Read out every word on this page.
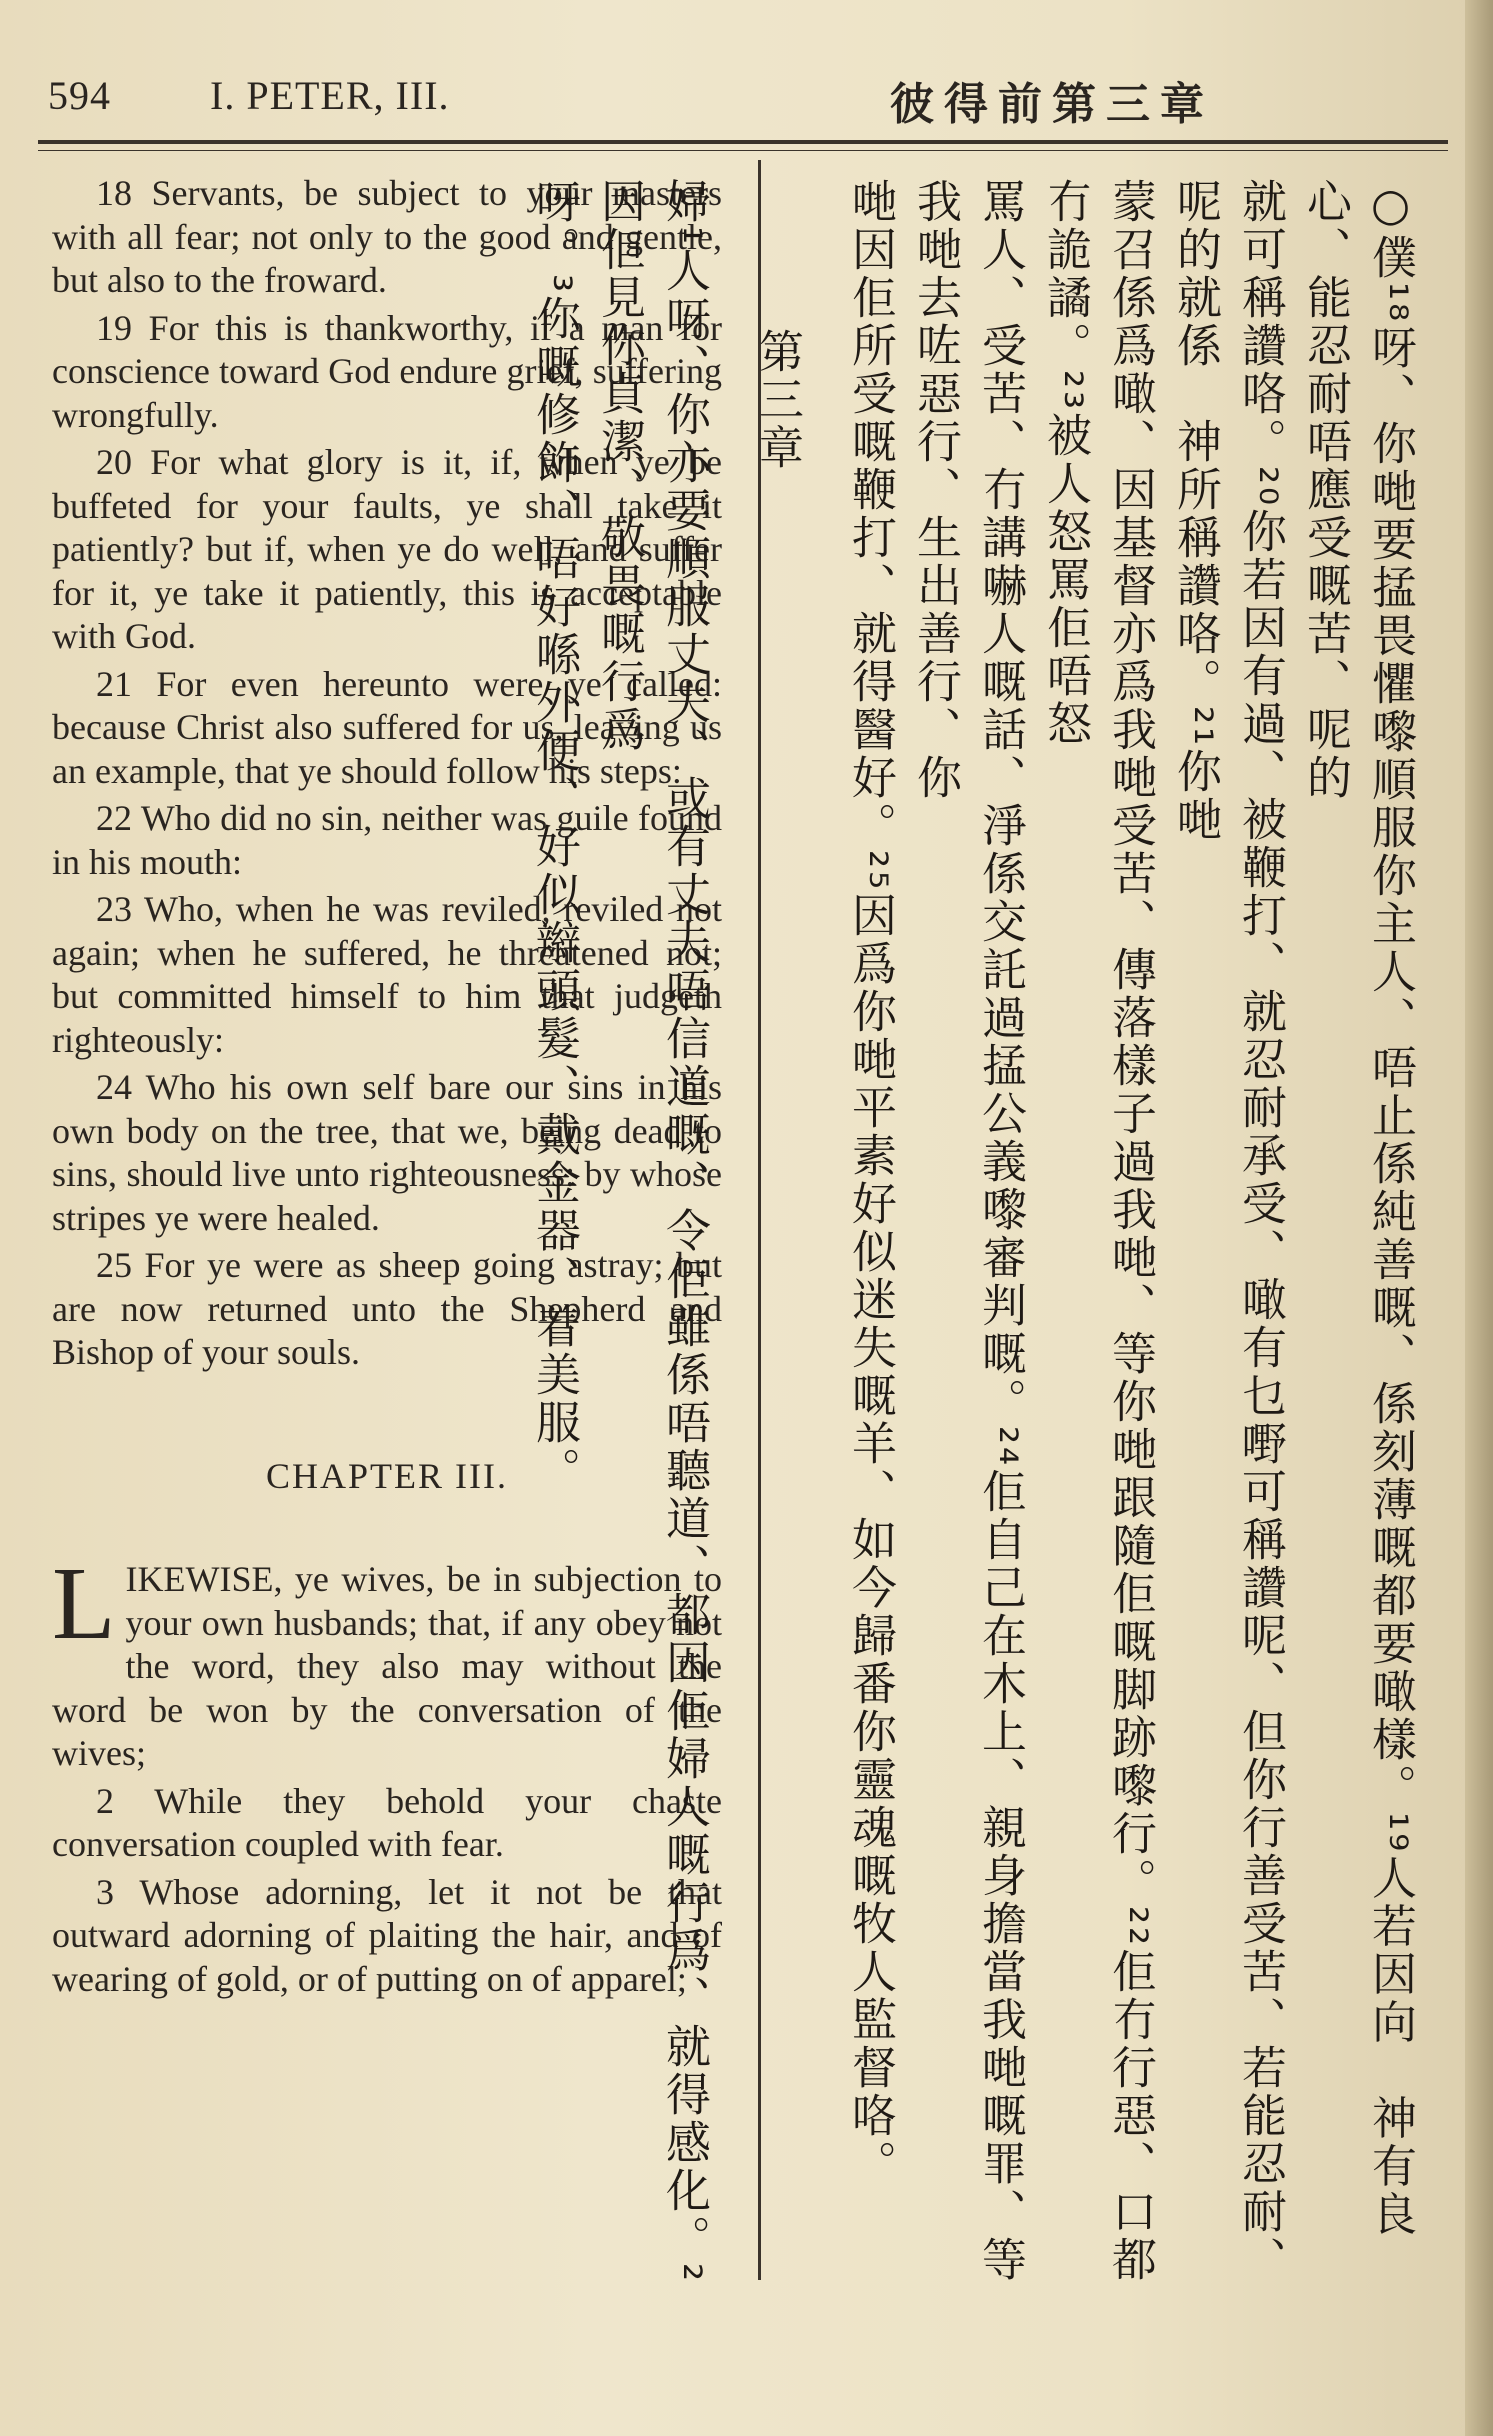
594 I. PETER, III.	彼得前第三章

18 Servants, be subject to your masters with all fear; not only to the good and gentle, but also to the froward.

19 For this is thankworthy, if a man for conscience toward God endure grief, suffering wrongfully.

20 For what glory is it, if, when ye be buffeted for your faults, ye shall take it patiently? but if, when ye do well, and suffer for it, ye take it patiently, this is acceptable with God.

21 For even hereunto were ye called: because Christ also suffered for us, leaving us an example, that ye should follow his steps:

22 Who did no sin, neither was guile found in his mouth:

23 Who, when he was reviled, reviled not again; when he suffered, he threatened not; but committed himself to him that judgeth righteously:

24 Who his own self bare our sins in his own body on the tree, that we, being dead to sins, should live unto righteousness: by whose stripes ye were healed.

25 For ye were as sheep going astray; but are now returned unto the Shepherd and Bishop of your souls.

CHAPTER III.

LIKEWISE, ye wives, be in subjection to your own husbands; that, if any obey not the word, they also may without the word be won by the conversation of the wives;

2 While they behold your chaste conversation coupled with fear.

3 Whose adorning, let it not be that outward adorning of plaiting the hair, and of wearing of gold, or of putting on of apparel;	○僕¹⁸呀、你哋要掹畏懼嚟順服你主人、唔止係純善嘅、係刻薄嘅都要噉樣。¹⁹人若因向　神有良心、能忍耐唔應受嘅苦、呢的
就可稱讚咯。²⁰你若因有過、被鞭打、就忍耐承受、噉有乜嘢可稱讚呢、但你行善受苦、若能忍耐、呢的就係　神所稱讚咯。²¹你哋
蒙召係爲噉、因基督亦爲我哋受苦、傳落樣子過我哋、等你哋跟隨佢嘅脚跡嚟行。²²佢冇行惡、口都冇詭譎。²³被人怒罵佢唔怒
罵人、受苦、冇講嚇人嘅話、淨係交託過掹公義嚟審判嘅。²⁴佢自己在木上、親身擔當我哋嘅罪、等我哋去咗惡行、生出善行、你
哋因佢所受嘅鞭打、就得醫好。²⁵因爲你哋平素好似迷失嘅羊、如今歸番你靈魂嘅牧人監督咯。
第三章
婦¹人呀、你亦要順服丈夫、或有丈夫唔信道嘅、令佢雖係唔聽道、都因佢婦人嘅行爲、就得感化。²因佢見你貞潔、敬畏嘅行爲
呀。³你嘅修飾、唔好喺外便、好似辮頭髮、戴金器、着美服。
